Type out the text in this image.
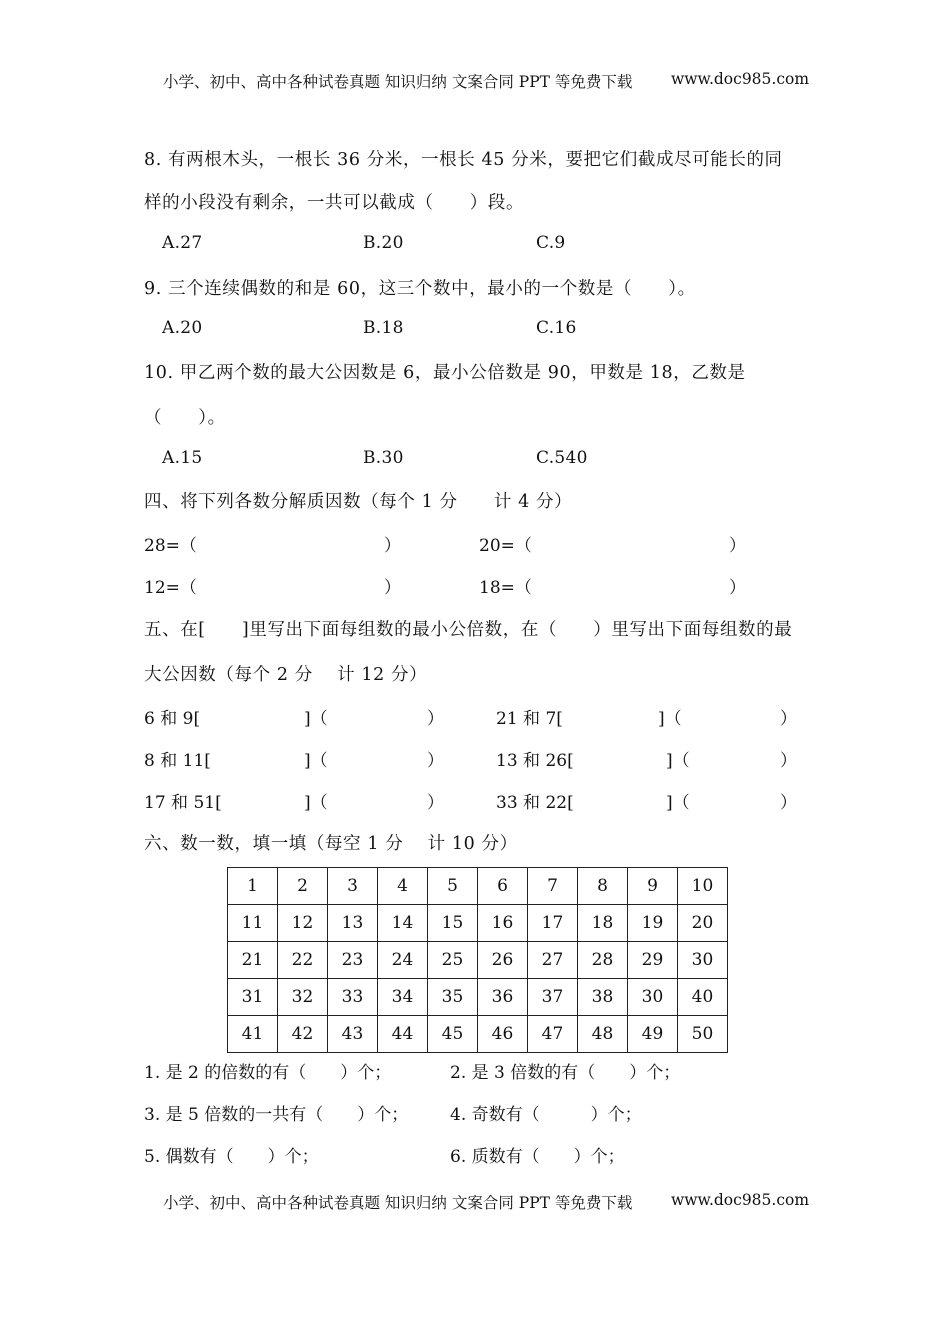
小学、初中、高中各种试卷真题 知识归纳 文案合同 PPT 等免费下载 www.doc985.com
8. 有两根木头，一根长 36 分米，一根长 45 分米，要把它们截成尽可能长的同
样的小段没有剩余，一共可以截成（　　）段。
A.27	B.20	C.9
9. 三个连续偶数的和是 60，这三个数中，最小的一个数是（　　）。
A.20	B.18	C.16
10. 甲乙两个数的最大公因数是 6，最小公倍数是 90，甲数是 18，乙数是
（　　）。
A.15	B.30	C.540
四、将下列各数分解质因数（每个 1 分　　计 4 分）
28=（	）	20=（	）
12=（	）	18=（	）
五、在[　　]里写出下面每组数的最小公倍数，在（　　）里写出下面每组数的最
大公因数（每个 2 分　 计 12 分）
6 和 9[	]（	）	21 和 7[	]（	）
8 和 11[	]（	）	13 和 26[	]（	）
17 和 51[	]（	）	33 和 22[	]（	）
六、数一数，填一填（每空 1 分　 计 10 分）
1	2	3	4	5	6	7	8	9	10
11	12	13	14	15	16	17	18	19	20
21	22	23	24	25	26	27	28	29	30
31	32	33	34	35	36	37	38	30	40
41	42	43	44	45	46	47	48	49	50
1. 是 2 的倍数的有（　　）个；	2. 是 3 倍数的有（　　）个；
3. 是 5 倍数的一共有（　　）个； 4. 奇数有（　　　）个；
5. 偶数有（　　）个；	6. 质数有（　　）个；
小学、初中、高中各种试卷真题 知识归纳 文案合同 PPT 等免费下载 www.doc985.com
